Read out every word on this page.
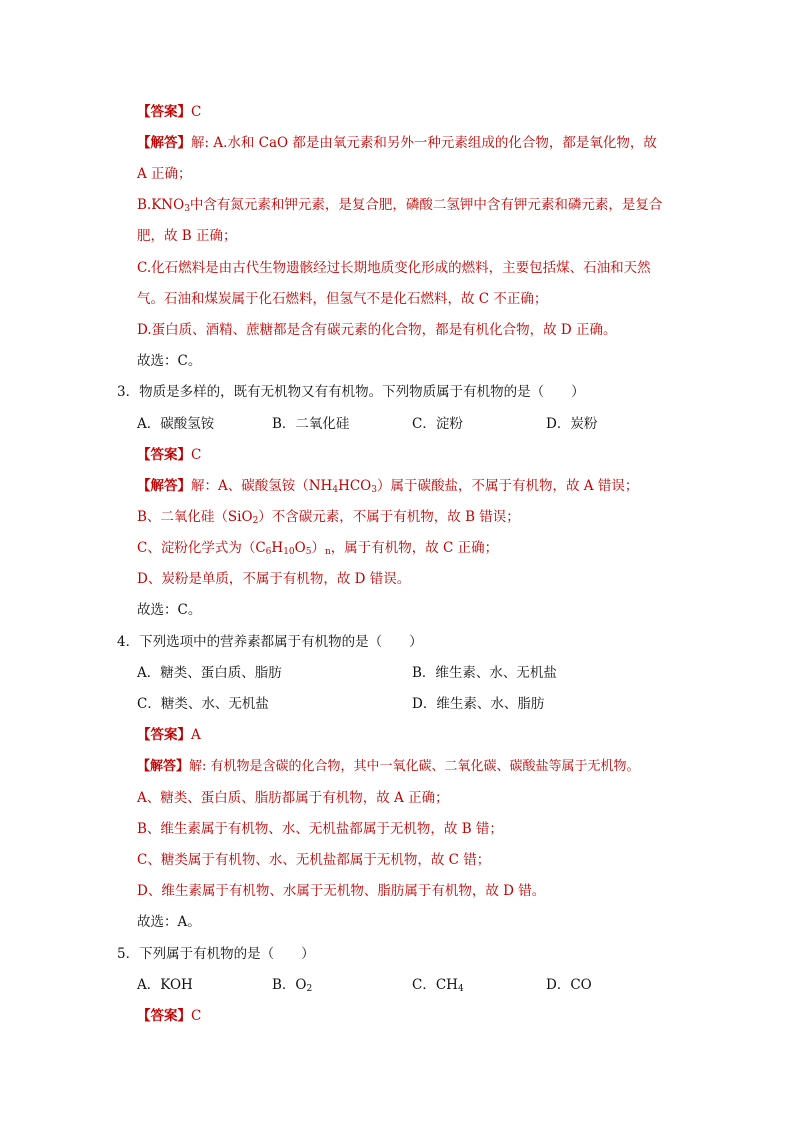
【答案】C
【解答】解: A.水和 CaO 都是由氧元素和另外一种元素组成的化合物，都是氧化物，故
A 正确；
$B.KNO_3$中含有氮元素和钾元素，是复合肥，磷酸二氢钾中含有钾元素和磷元素，是复合
肥，故 B 正确；
C.化石燃料是由古代生物遗骸经过长期地质变化形成的燃料，主要包括煤、石油和天然
气。石油和煤炭属于化石燃料，但氢气不是化石燃料，故 C 不正确；
D.蛋白质、酒精、蔗糖都是含有碳元素的化合物，都是有机化合物，故 D 正确。
故选：C。
3．物质是多样的，既有无机物又有有机物。下列物质属于有机物的是（　　）
A．碳酸氢铵	B．二氧化硅	C．淀粉	D．炭粉
【答案】C
【解答】解：A、碳酸氢铵$(NH_4HCO_3)$属于碳酸盐，不属于有机物，故 A 错误；
B、二氧化硅（SiO$_2$）不含碳元素，不属于有机物，故 B 错误；
C、淀粉化学式为$(C_6H_{10}O_5)_n$，属于有机物，故 C 正确；
D、炭粉是单质，不属于有机物，故 D 错误。
故选：C。
4．下列选项中的营养素都属于有机物的是（　　）
A．糖类、蛋白质、脂肪	B．维生素、水、无机盐
C．糖类、水、无机盐	D．维生素、水、脂肪
【答案】A
【解答】解: 有机物是含碳的化合物，其中一氧化碳、二氧化碳、碳酸盐等属于无机物。
A、糖类、蛋白质、脂肪都属于有机物，故 A 正确；
B、维生素属于有机物、水、无机盐都属于无机物，故 B 错；
C、糖类属于有机物、水、无机盐都属于无机物，故 C 错；
D、维生素属于有机物、水属于无机物、脂肪属于有机物，故 D 错。
故选：A。
5．下列属于有机物的是（　　）
A．KOH	B．$O_2$	C．$CH_4$	D．CO
【答案】C
